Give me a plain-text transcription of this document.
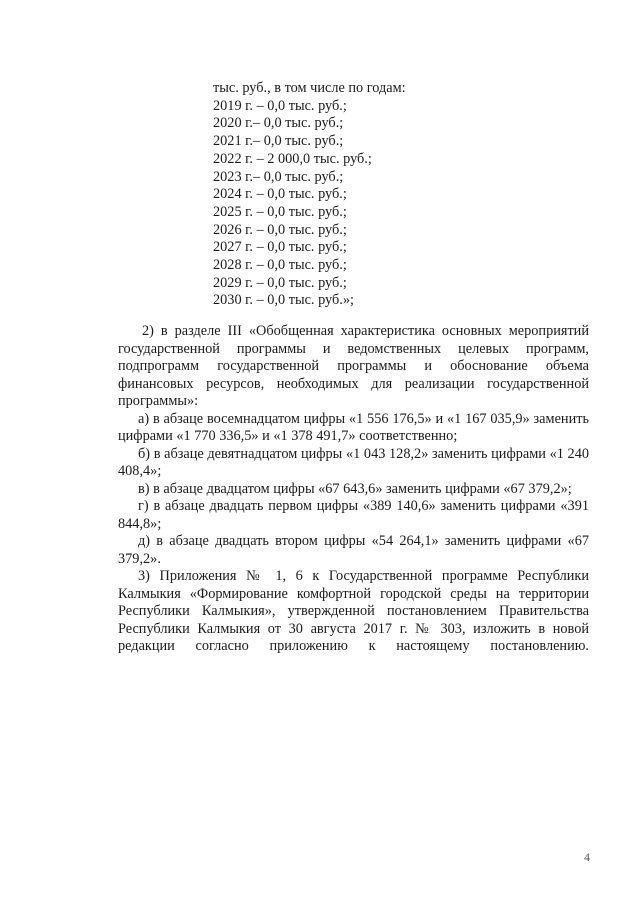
тыс. руб., в том числе по годам:
2019 г. – 0,0 тыс. руб.;
2020 г.– 0,0 тыс. руб.;
2021 г.– 0,0 тыс. руб.;
2022 г. – 2 000,0 тыс. руб.;
2023 г.– 0,0 тыс. руб.;
2024 г. – 0,0 тыс. руб.;
2025 г. – 0,0 тыс. руб.;
2026 г. – 0,0 тыс. руб.;
2027 г. – 0,0 тыс. руб.;
2028 г. – 0,0 тыс. руб.;
2029 г. – 0,0 тыс. руб.;
2030 г. – 0,0 тыс. руб.»;
2) в разделе III «Обобщенная характеристика основных мероприятий государственной программы и ведомственных целевых программ, подпрограмм государственной программы и обоснование объема финансовых ресурсов, необходимых для реализации государственной программы»:
а) в абзаце восемнадцатом цифры «1 556 176,5» и «1 167 035,9» заменить цифрами «1 770 336,5» и «1 378 491,7» соответственно;
б) в абзаце девятнадцатом цифры «1 043 128,2» заменить цифрами «1 240 408,4»;
в) в абзаце двадцатом цифры «67 643,6» заменить цифрами «67 379,2»;
г) в абзаце двадцать первом цифры «389 140,6» заменить цифрами «391 844,8»;
д) в абзаце двадцать втором цифры «54 264,1» заменить цифрами «67 379,2».
3) Приложения № 1, 6 к Государственной программе Республики Калмыкия «Формирование комфортной городской среды на территории Республики Калмыкия», утвержденной постановлением Правительства Республики Калмыкия от 30 августа 2017 г. № 303, изложить в новой редакции согласно приложению к настоящему постановлению.
4
